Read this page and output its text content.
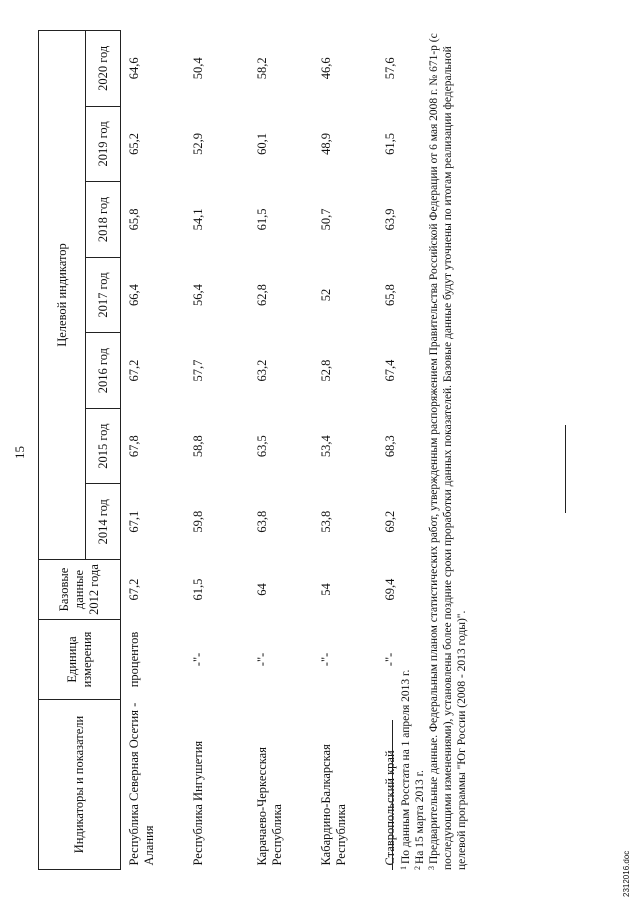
15
Индикаторы и показатели	Единица измерения	Базовые данные 2012 года	Целевой индикатор						
			2014 год	2015 год	2016 год	2017 год	2018 год	2019 год	2020 год
Республика Северная Осетия - Алания	процентов	67,2	67,1	67,8	67,2	66,4	65,8	65,2	64,6
Республика Ингушетия	-"-	61,5	59,8	58,8	57,7	56,4	54,1	52,9	50,4
Карачаево-Черкесская Республика	-"-	64	63,8	63,5	63,2	62,8	61,5	60,1	58,2
Кабардино-Балкарская Республика	-"-	54	53,8	53,4	52,8	52	50,7	48,9	46,6
Ставропольский край	-"-	69,4	69,2	68,3	67,4	65,8	63,9	61,5	57,6

$^1$По данным Росстата на 1 апреля 2013 г.

$^2$На 15 марта 2013 г.

$^3$Предварительные данные. Федеральным планом статистических работ, утвержденным распоряжением Правительства Российской Федерации от 6 мая 2008 г. № 671-р (с последующими изменениями), установлены более поздние сроки проработки данных показателей. Базовые данные будут уточнены по итогам реализации федеральной целевой программы "Юг России (2008 - 2013 годы)".

2312016.doc
